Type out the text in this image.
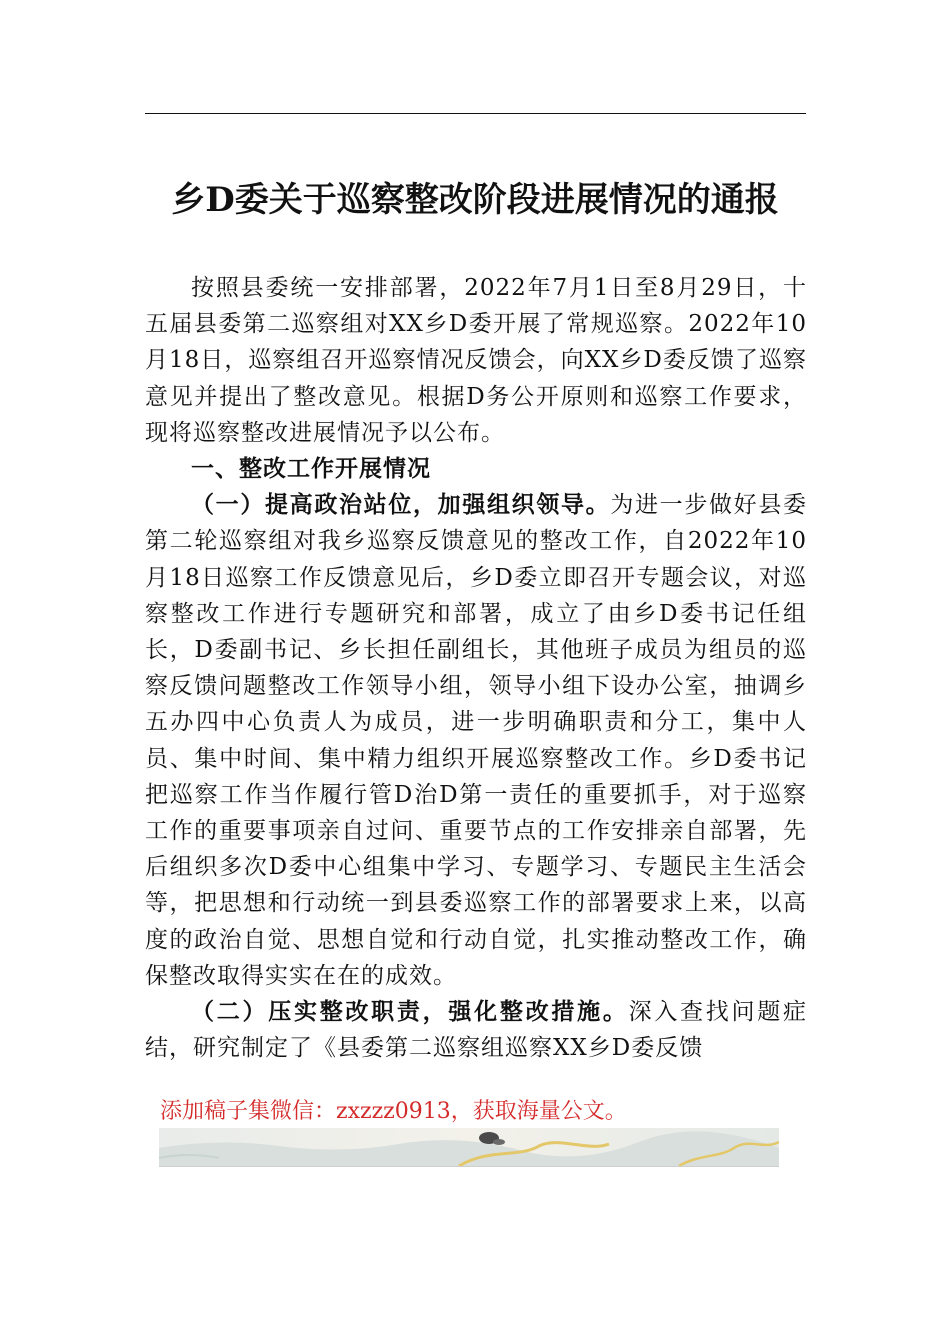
乡D委关于巡察整改阶段进展情况的通报

按照县委统一安排部署，2022年7月1日至8月29日，十五届县委第二巡察组对XX乡D委开展了常规巡察。2022年10月18日，巡察组召开巡察情况反馈会，向XX乡D委反馈了巡察意见并提出了整改意见。根据D务公开原则和巡察工作要求，现将巡察整改进展情况予以公布。

一、整改工作开展情况

（一）提高政治站位，加强组织领导。为进一步做好县委第二轮巡察组对我乡巡察反馈意见的整改工作，自2022年10月18日巡察工作反馈意见后，乡D委立即召开专题会议，对巡察整改工作进行专题研究和部署，成立了由乡D委书记任组长，D委副书记、乡长担任副组长，其他班子成员为组员的巡察反馈问题整改工作领导小组，领导小组下设办公室，抽调乡五办四中心负责人为成员，进一步明确职责和分工，集中人员、集中时间、集中精力组织开展巡察整改工作。乡D委书记把巡察工作当作履行管D治D第一责任的重要抓手，对于巡察工作的重要事项亲自过问、重要节点的工作安排亲自部署，先后组织多次D委中心组集中学习、专题学习、专题民主生活会等，把思想和行动统一到县委巡察工作的部署要求上来，以高度的政治自觉、思想自觉和行动自觉，扎实推动整改工作，确保整改取得实实在在的成效。

（二）压实整改职责，强化整改措施。深入查找问题症结，研究制定了《县委第二巡察组巡察XX乡D委反馈

添加稿子集微信：zxzzz0913，获取海量公文。
